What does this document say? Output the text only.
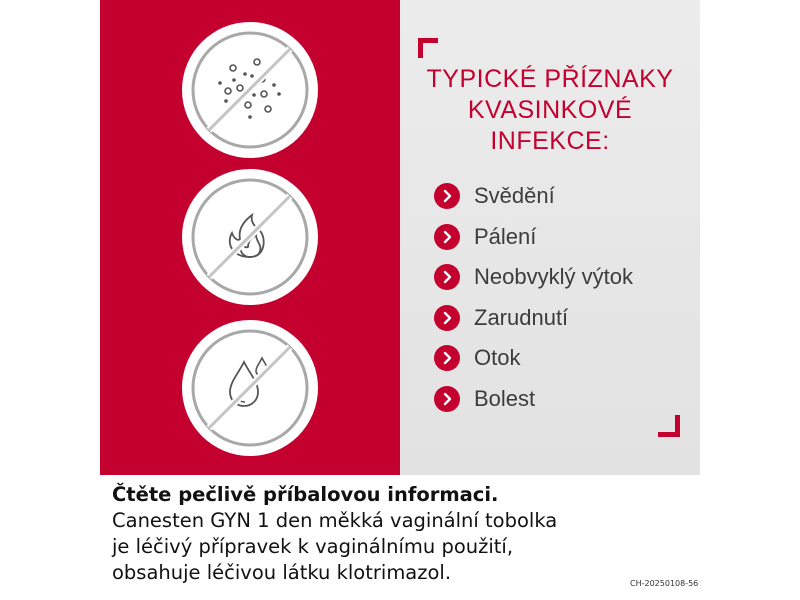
TYPICKÉ PŘÍZNAKY
KVASINKOVÉ
INFEKCE:
Svědění
Pálení
Neobvyklý výtok
Zarudnutí
Otok
Bolest
Čtěte pečlivě příbalovou informaci.
Canesten GYN 1 den měkká vaginální tobolka
je léčivý přípravek k vaginálnímu použití,
obsahuje léčivou látku klotrimazol.	CH-20250108-56
